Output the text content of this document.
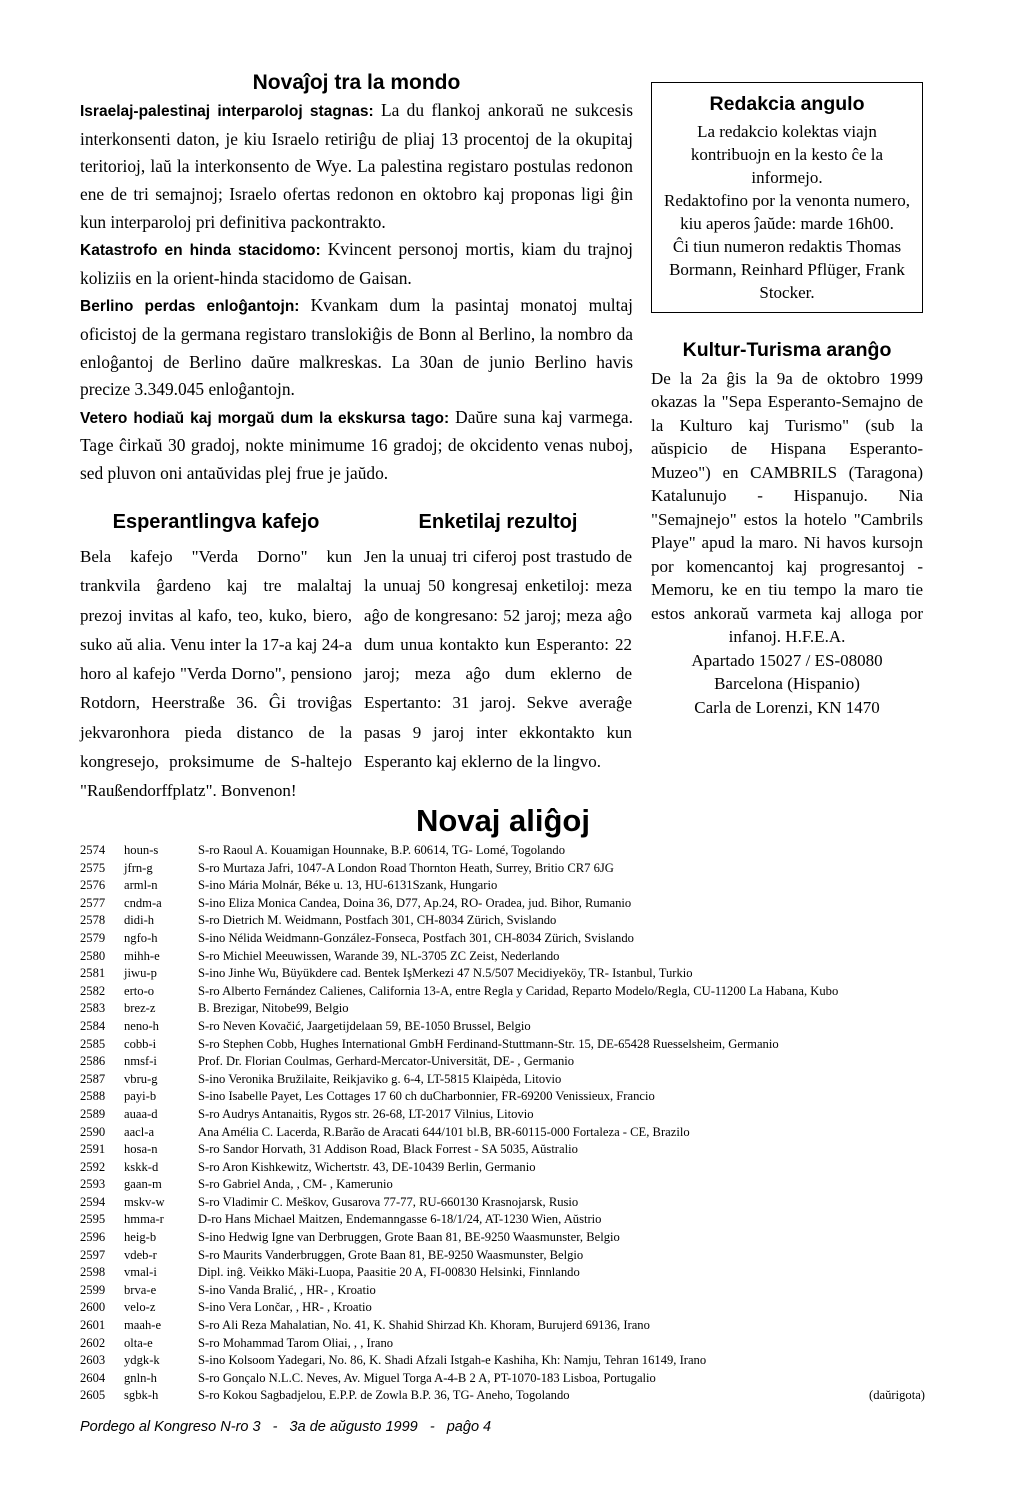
Novaĵoj tra la mondo

Israelaj-palestinaj interparoloj stagnas: La du flankoj ankoraŭ ne sukcesis interkonsenti daton, je kiu Israelo retiriĝu de pliaj 13 procentoj de la okupitaj teritorioj, laŭ la interkonsento de Wye. La palestina registaro postulas redonon ene de tri semajnoj; Israelo ofertas redonon en oktobro kaj proponas ligi ĝin kun interparoloj pri definitiva packontrakto.
Katastrofo en hinda stacidomo: Kvincent personoj mortis, kiam du trajnoj koliziis en la orient-hinda stacidomo de Gaisan.
Berlino perdas enloĝantojn: Kvankam dum la pasintaj monatoj multaj oficistoj de la germana registaro translokiĝis de Bonn al Berlino, la nombro da enloĝantoj de Berlino daŭre malkreskas. La 30an de junio Berlino havis precize 3.349.045 enloĝantojn.
Vetero hodiaŭ kaj morgaŭ dum la ekskursa tago: Daŭre suna kaj varmega. Tage ĉirkaŭ 30 gradoj, nokte minimume 16 gradoj; de okcidento venas nuboj, sed pluvon oni antaŭvidas plej frue je jaŭdo.

Redakcia angulo

La redakcio kolektas viajn kontribuojn en la kesto ĉe la informejo.

Redaktofino por la venonta numero, kiu aperos ĵaŭde: marde 16h00.

Ĉi tiun numeron redaktis Thomas Bormann, Reinhard Pflüger, Frank Stocker.

Kultur-Turisma aranĝo

De la 2a ĝis la 9a de oktobro 1999 okazas la "Sepa Esperanto-Semajno de la Kulturo kaj Turismo" (sub la aŭspicio de Hispana Esperanto-Muzeo") en CAMBRILS (Taragona) Katalunujo - Hispanujo. Nia "Semajnejo" estos la hotelo "Cambrils Playe" apud la maro. Ni havos kursojn por komencantoj kaj progresantoj - Memoru, ke en tiu tempo la maro tie estos ankoraŭ varmeta kaj alloga por infanoj. H.F.E.A.

Apartado 15027 / ES-08080

Barcelona (Hispanio)

Carla de Lorenzi, KN 1470

Esperantlingva kafejo

Bela kafejo "Verda Dorno" kun trankvila ĝardeno kaj tre malaltaj prezoj invitas al kafo, teo, kuko, biero, suko aŭ alia. Venu inter la 17-a kaj 24-a horo al kafejo "Verda Dorno", pensiono Rotdorn, Heerstraße 36. Ĝi troviĝas jekvaronhora pieda distanco de la kongresejo, proksimume de S-haltejo "Raußendorffplatz". Bonvenon!

Enketilaj rezultoj

Jen la unuaj tri ciferoj post trastudo de la unuaj 50 kongresaj enketiloj: meza aĝo de kongresano: 52 jaroj; meza aĝo dum unua kontakto kun Esperanto: 22 jaroj; meza aĝo dum eklerno de Espertanto: 31 jaroj. Sekve averaĝe pasas 9 jaroj inter ekkontakto kun Esperanto kaj eklerno de la lingvo.

Novaj aliĝoj
2574	houn-s	S-ro Raoul A. Kouamigan Hounnake, B.P. 60614, TG- Lomé, Togolando
2575	jfrn-g	S-ro Murtaza Jafri, 1047-A London Road Thornton Heath, Surrey, Britio CR7 6JG
2576	arml-n	S-ino Mária Molnár, Béke u. 13, HU-6131Szank, Hungario
2577	cndm-a	S-ino Eliza Monica Candea, Doina 36, D77, Ap.24, RO- Oradea, jud. Bihor, Rumanio
2578	didi-h	S-ro Dietrich M. Weidmann, Postfach 301, CH-8034 Zürich, Svislando
2579	ngfo-h	S-ino Nélida Weidmann-González-Fonseca, Postfach 301, CH-8034 Zürich, Svislando
2580	mihh-e	S-ro Michiel Meeuwissen, Warande 39, NL-3705 ZC Zeist, Nederlando
2581	jiwu-p	S-ino Jinhe Wu, Büyükdere cad. Bentek IşMerkezi 47 N.5/507 Mecidiyeköy, TR- Istanbul, Turkio
2582	erto-o	S-ro Alberto Fernández Calienes, California 13-A, entre Regla y Caridad, Reparto Modelo/Regla, CU-11200 La Habana, Kubo
2583	brez-z	B. Brezigar, Nitobe99, Belgio
2584	neno-h	S-ro Neven Kovačić, Jaargetijdelaan 59, BE-1050 Brussel, Belgio
2585	cobb-i	S-ro Stephen Cobb, Hughes International GmbH Ferdinand-Stuttmann-Str. 15, DE-65428 Ruesselsheim, Germanio
2586	nmsf-i	Prof. Dr. Florian Coulmas, Gerhard-Mercator-Universität, DE- , Germanio
2587	vbru-g	S-ino Veronika Bružilaite, Reikjaviko g. 6-4, LT-5815 Klaipėda, Litovio
2588	payi-b	S-ino Isabelle Payet, Les Cottages 17 60 ch duCharbonnier, FR-69200 Venissieux, Francio
2589	auaa-d	S-ro Audrys Antanaitis, Rygos str. 26-68, LT-2017 Vilnius, Litovio
2590	aacl-a	Ana Amélia C. Lacerda, R.Barão de Aracati 644/101 bl.B, BR-60115-000 Fortaleza - CE, Brazilo
2591	hosa-n	S-ro Sandor Horvath, 31 Addison Road, Black Forrest - SA 5035, Aŭstralio
2592	kskk-d	S-ro Aron Kishkewitz, Wichertstr. 43, DE-10439 Berlin, Germanio
2593	gaan-m	S-ro Gabriel Anda, , CM- , Kamerunio
2594	mskv-w	S-ro Vladimir C. Meškov, Gusarova 77-77, RU-660130 Krasnojarsk, Rusio
2595	hmma-r	D-ro Hans Michael Maitzen, Endemanngasse 6-18/1/24, AT-1230 Wien, Aŭstrio
2596	heig-b	S-ino Hedwig Igne van Derbruggen, Grote Baan 81, BE-9250 Waasmunster, Belgio
2597	vdeb-r	S-ro Maurits Vanderbruggen, Grote Baan 81, BE-9250 Waasmunster, Belgio
2598	vmal-i	Dipl. inĝ. Veikko Mäki-Luopa, Paasitie 20 A, FI-00830 Helsinki, Finnlando
2599	brva-e	S-ino Vanda Bralić, , HR- , Kroatio
2600	velo-z	S-ino Vera Lončar, , HR- , Kroatio
2601	maah-e	S-ro Ali Reza Mahalatian, No. 41, K. Shahid Shirzad Kh. Khoram, Burujerd 69136, Irano
2602	olta-e	S-ro Mohammad Tarom Oliai, , , Irano
2603	ydgk-k	S-ino Kolsoom Yadegari, No. 86, K. Shadi Afzali Istgah-e Kashiha, Kh: Namju, Tehran 16149, Irano
2604	gnln-h	S-ro Gonçalo N.L.C. Neves, Av. Miguel Torga A-4-B 2 A, PT-1070-183 Lisboa, Portugalio
2605	sgbk-h	S-ro Kokou Sagbadjelou, E.P.P. de Zowla B.P. 36, TG- Aneho, Togolando	(daŭrigota)
Pordego al Kongreso N-ro 3   -   3a de aŭgusto 1999   -   paĝo 4
